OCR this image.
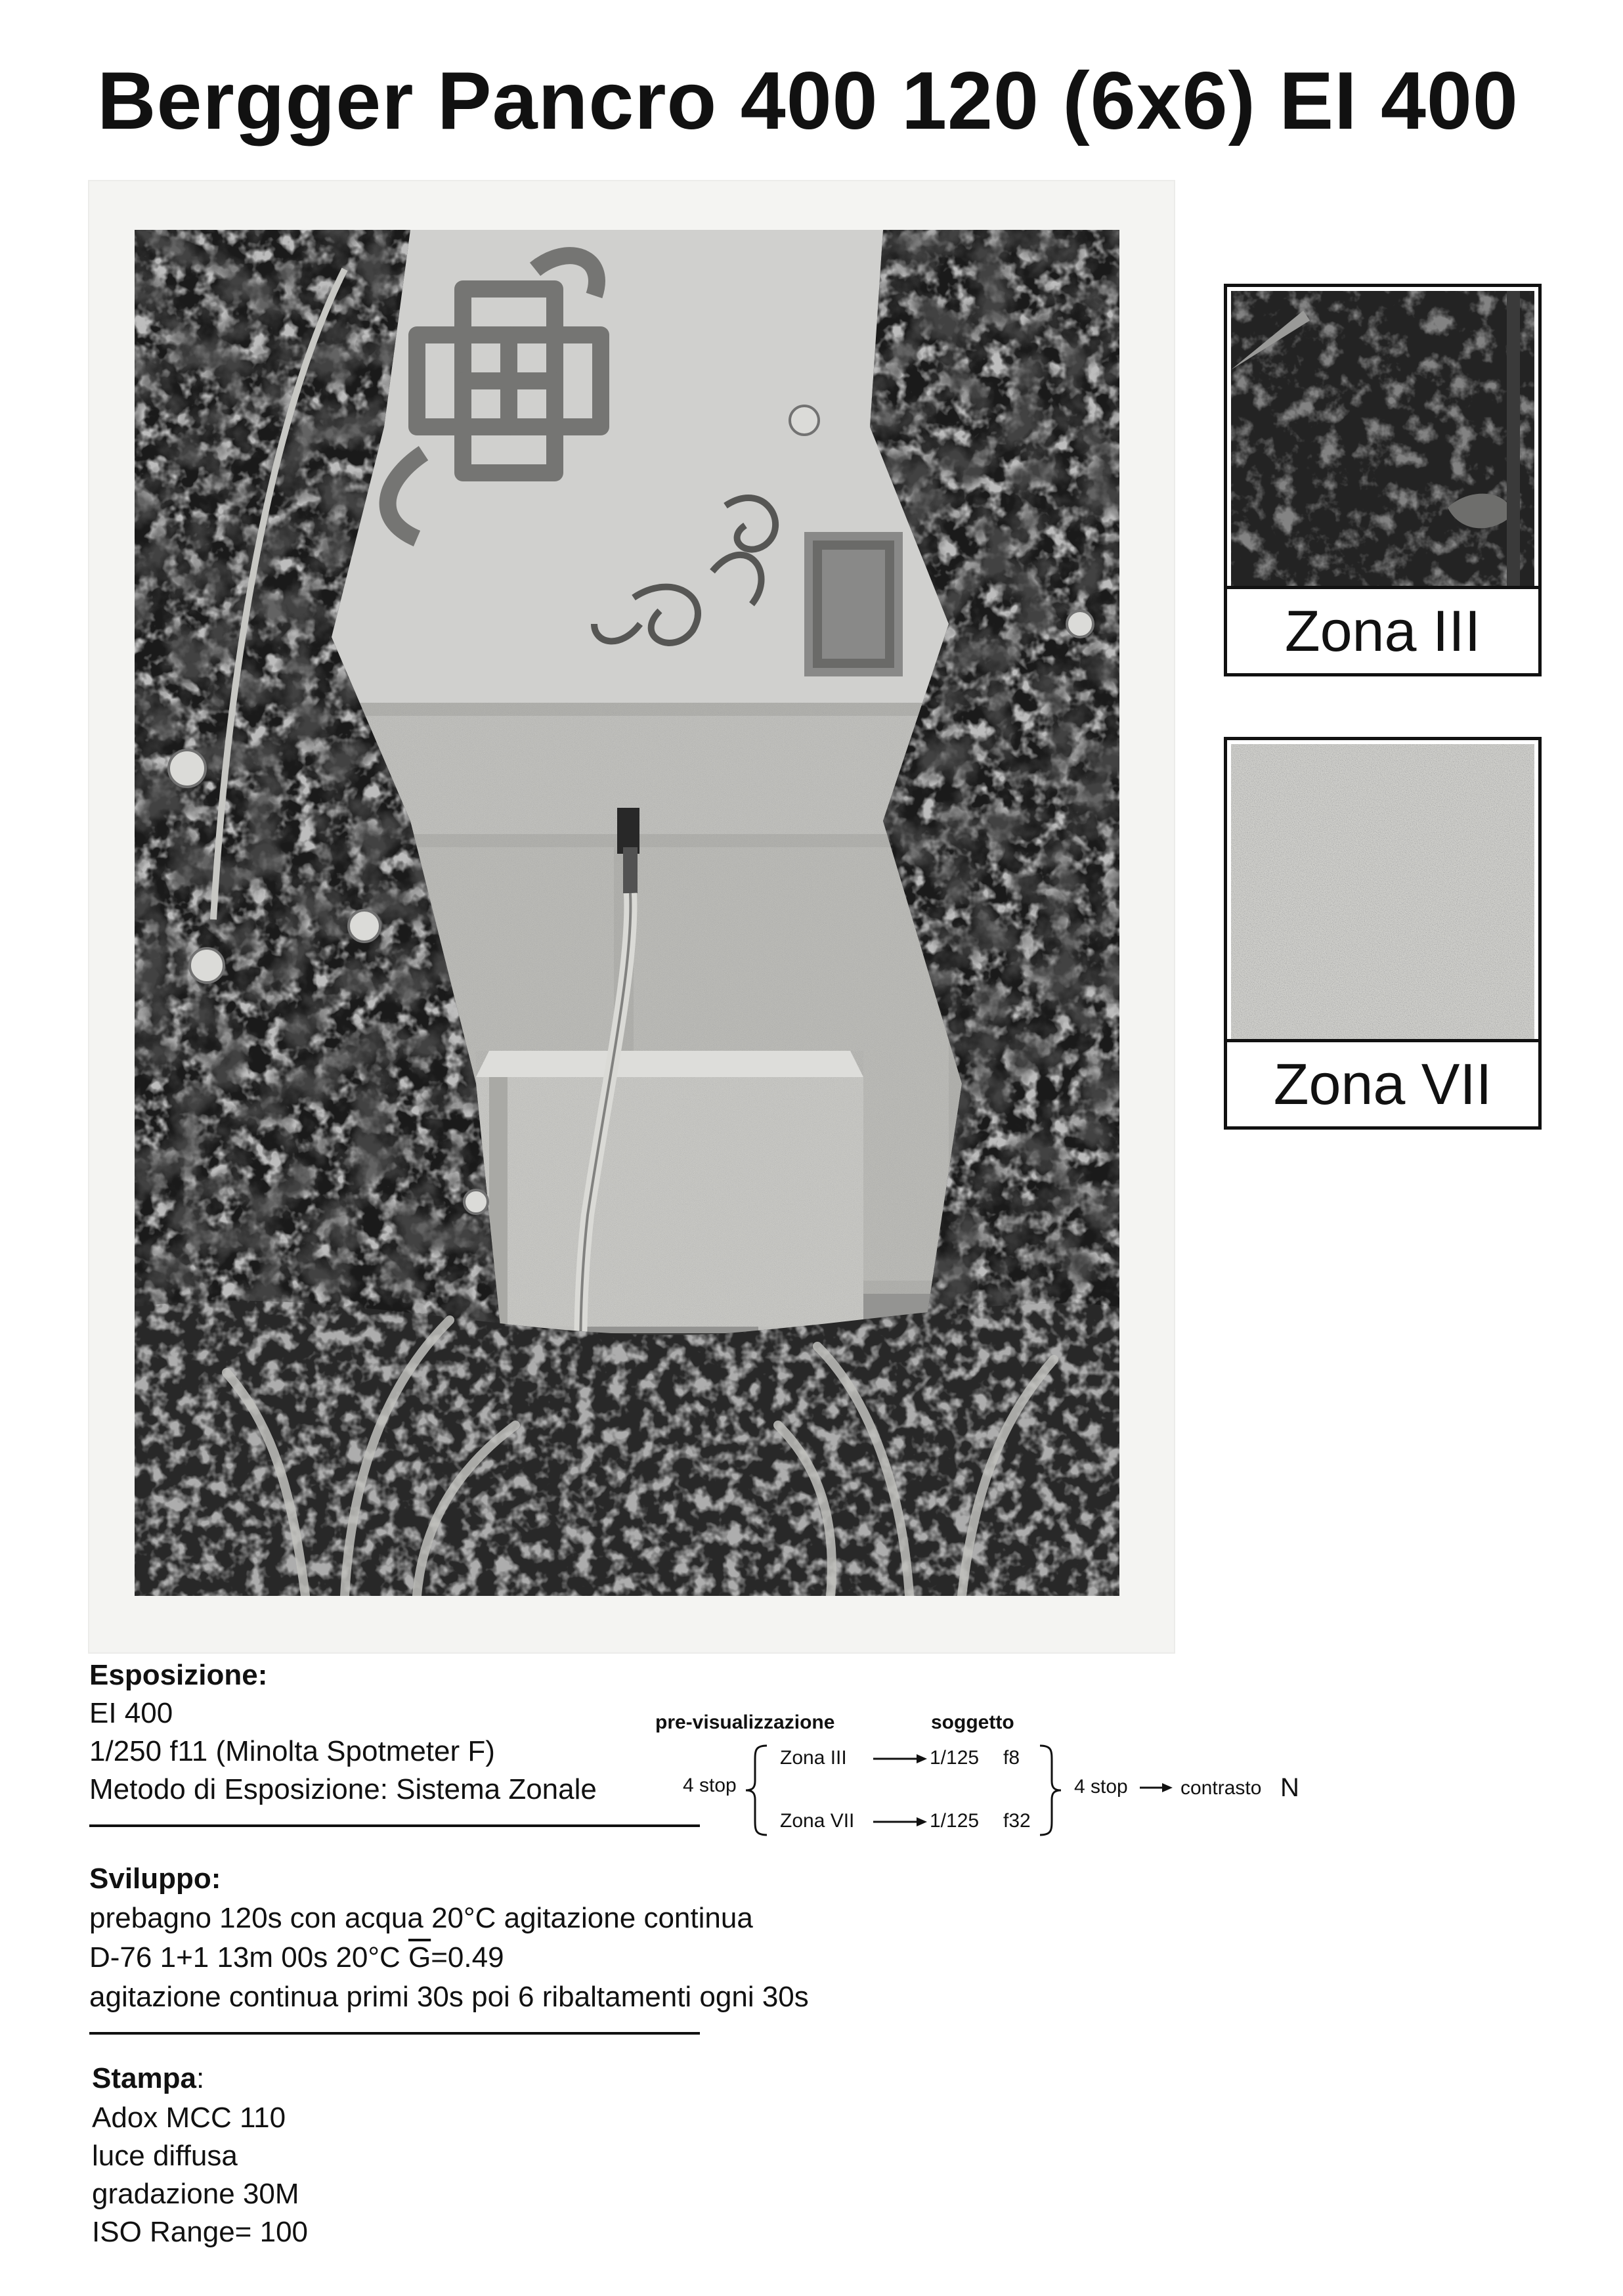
Bergger Pancro 400 120 (6x6) EI 400
Zona III
Zona VII
Esposizione:
EI 400
1/250 f11 (Minolta Spotmeter F)
Metodo di Esposizione: Sistema Zonale
pre-visualizzazione	soggetto
4 stop
Zona III
Zona VII
1/125 f8
1/125 f32
4 stop	contrasto N
Sviluppo:
prebagno 120s con acqua 20°C agitazione continua
D-76 1+1 13m 00s 20°C $\overline{G}=0.49$
agitazione continua primi 30s poi 6 ribaltamenti ogni 30s
Stampa:
Adox MCC 110
luce diffusa
gradazione 30M
ISO Range= 100
